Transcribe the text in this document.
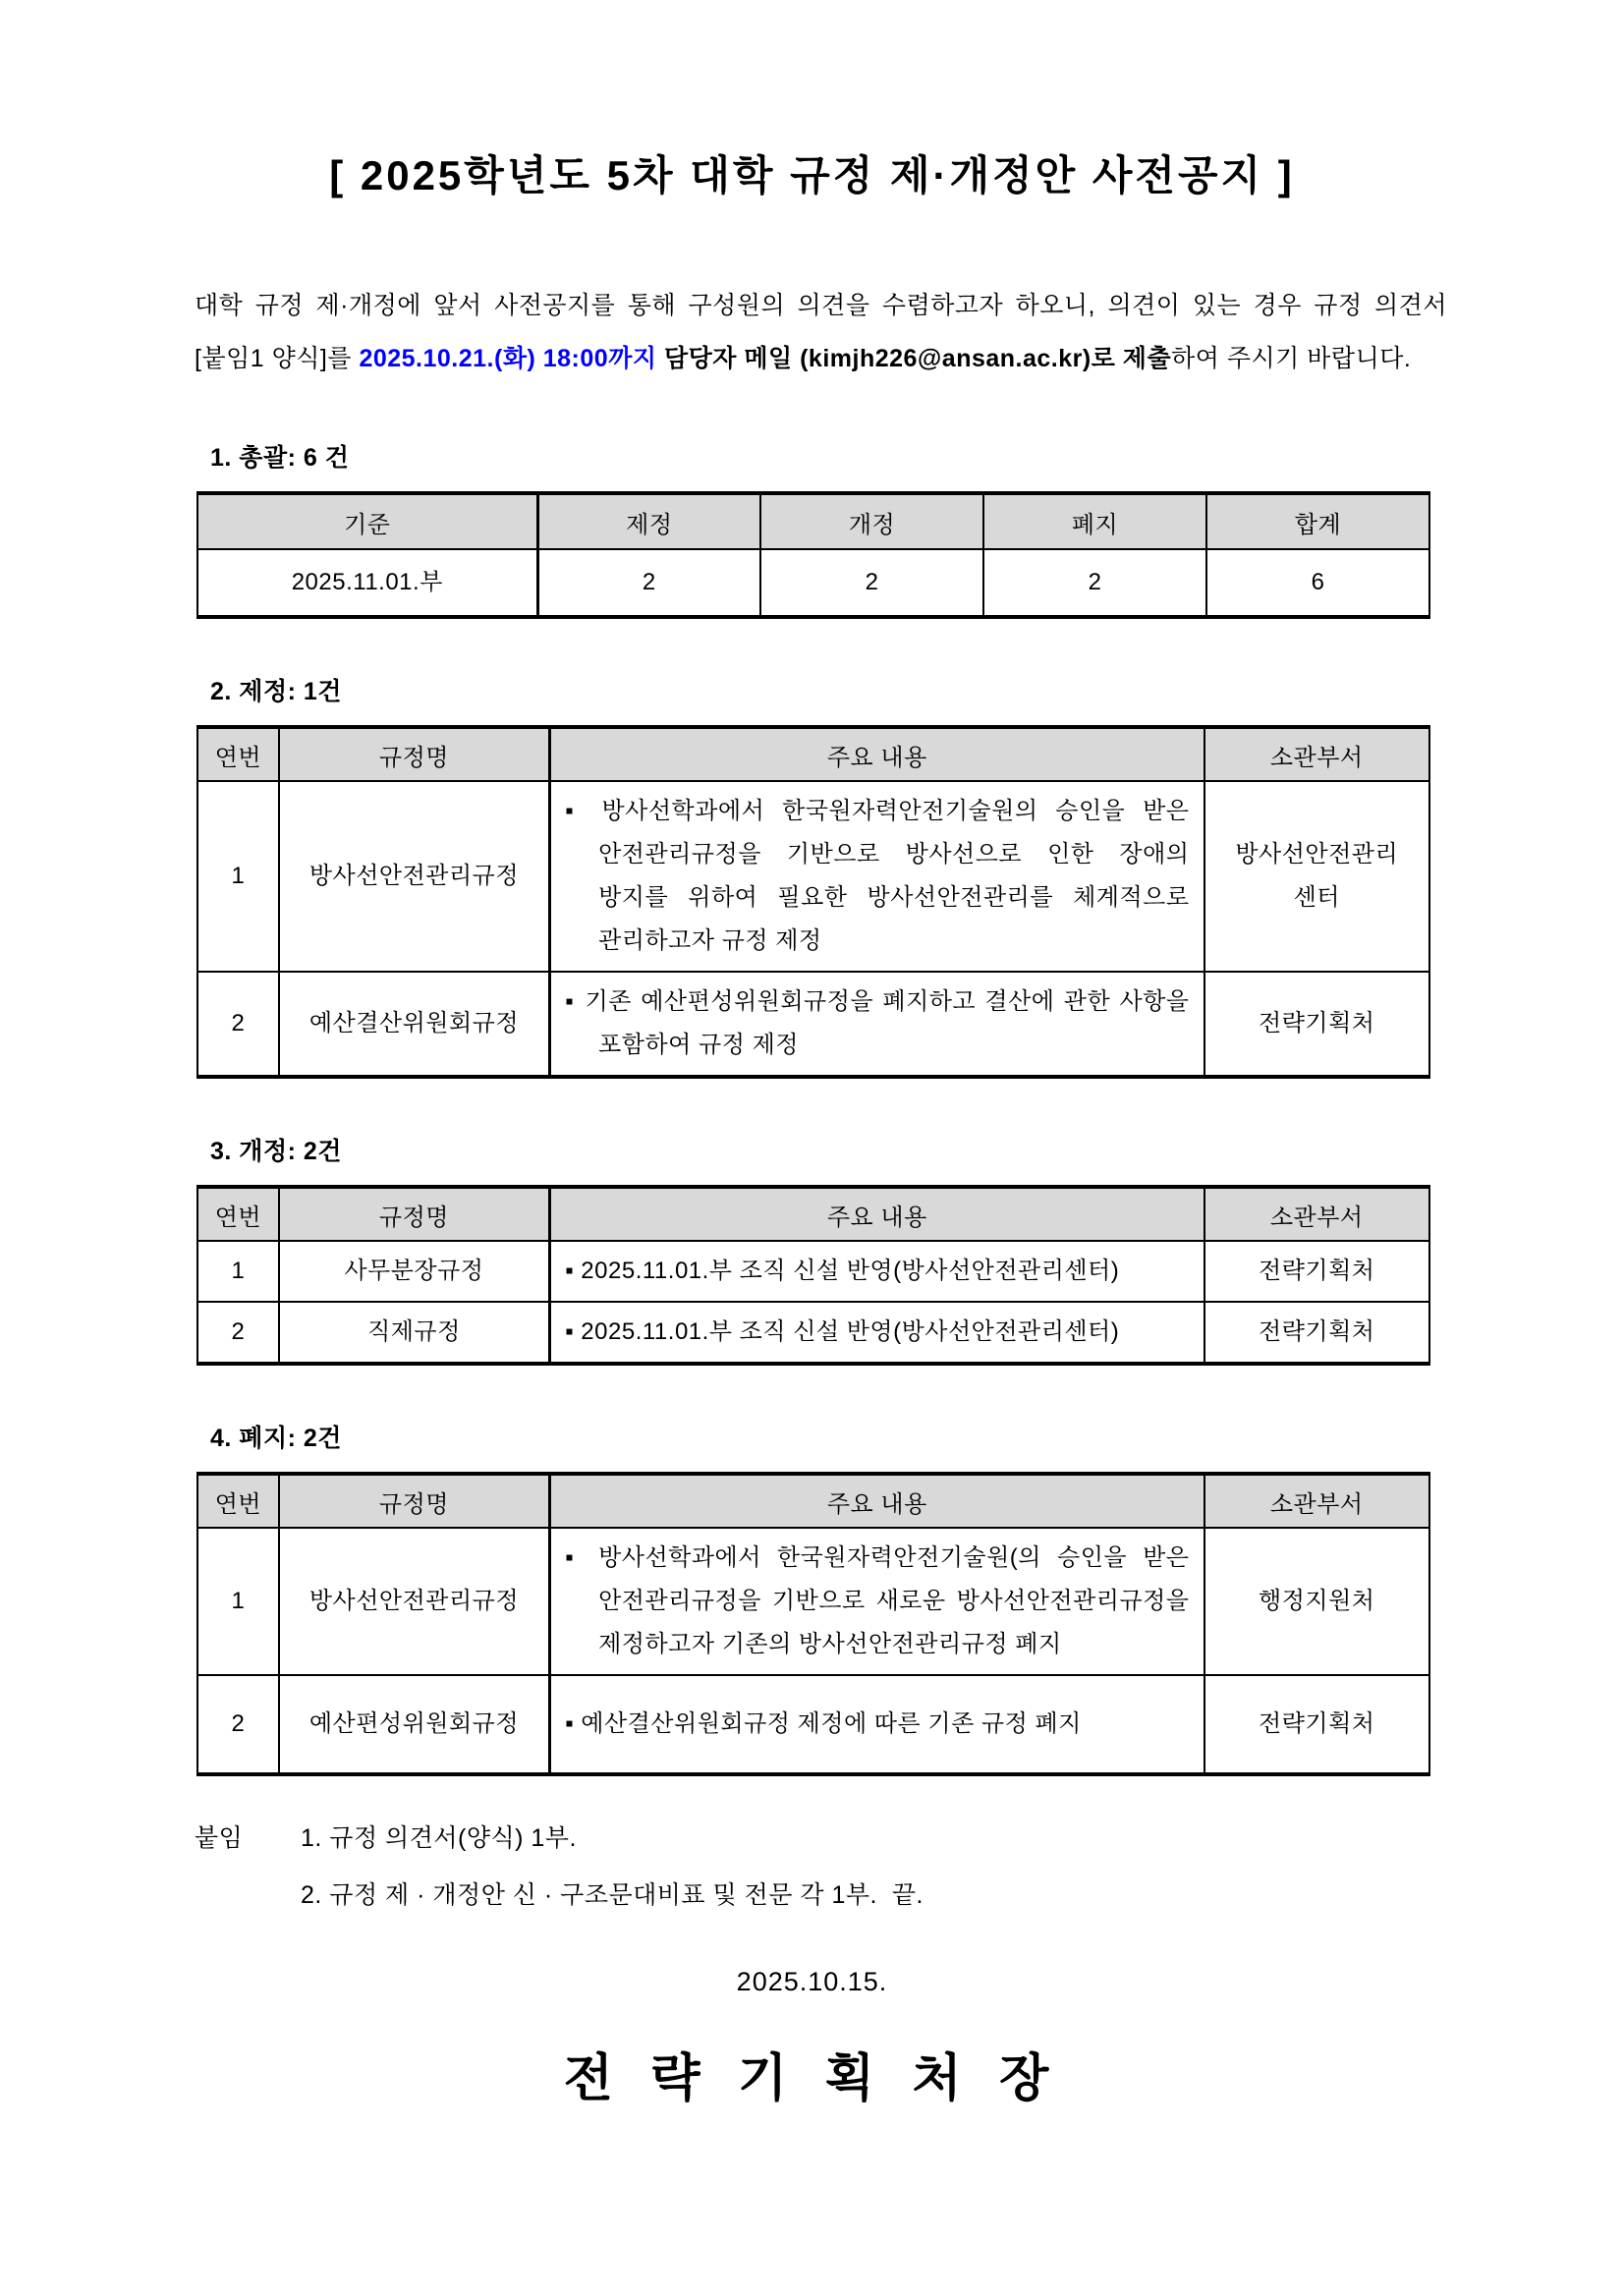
[ 2025학년도 5차 대학 규정 제·개정안 사전공지 ]
대학 규정 제·개정에 앞서 사전공지를 통해 구성원의 의견을 수렴하고자 하오니, 의견이 있는 경우 규정 의견서[붙임1 양식]를 2025.10.21.(화) 18:00까지 담당자 메일 (kimjh226@ansan.ac.kr)로 제출하여 주시기 바랍니다.
1. 총괄: 6 건
기준	제정	개정	폐지	합계
2025.11.01.부	2	2	2	6
2. 제정: 1건
연번	규정명	주요 내용	소관부서
1	방사선안전관리규정	▪ 방사선학과에서 한국원자력안전기술원의 승인을 받은 안전관리규정을 기반으로 방사선으로 인한 장애의 방지를 위하여 필요한 방사선안전관리를 체계적으로 관리하고자 규정 제정	방사선안전관리 센터
2	예산결산위원회규정	▪ 기존 예산편성위원회규정을 폐지하고 결산에 관한 사항을 포함하여 규정 제정	전략기획처
3. 개정: 2건
연번	규정명	주요 내용	소관부서
1	사무분장규정	▪ 2025.11.01.부 조직 신설 반영(방사선안전관리센터)	전략기획처
2	직제규정	▪ 2025.11.01.부 조직 신설 반영(방사선안전관리센터)	전략기획처
4. 폐지: 2건
연번	규정명	주요 내용	소관부서
1	방사선안전관리규정	▪ 방사선학과에서 한국원자력안전기술원(의 승인을 받은 안전관리규정을 기반으로 새로운 방사선안전관리규정을 제정하고자 기존의 방사선안전관리규정 폐지	행정지원처
2	예산편성위원회규정	▪ 예산결산위원회규정 제정에 따른 기존 규정 폐지	전략기획처
붙임	1. 규정 의견서(양식) 1부.
2. 규정 제 · 개정안 신 · 구조문대비표 및 전문 각 1부.  끝.
2025.10.15.
전 략 기 획 처 장
